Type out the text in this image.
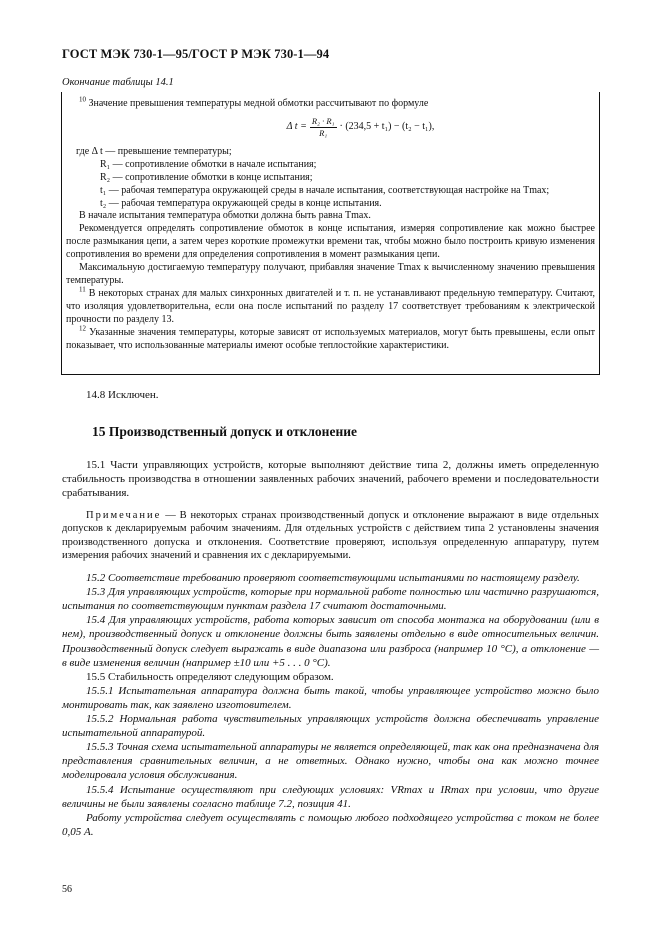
ГОСТ МЭК 730-1—95/ГОСТ Р МЭК 730-1—94
Окончание таблицы 14.1

$^{10}$ Значение превышения температуры медной обмотки рассчитывают по формуле

Δ $t = \frac{\text{R₂ · R₁}}{\text{R₁}} \cdot (234,5 + t_1) - (t_2 - t_1)$,

где Δ t — превышение температуры;

R₁ — сопротивление обмотки в начале испытания;

R₂ — сопротивление обмотки в конце испытания;

t₁ — рабочая температура окружающей среды в начале испытания, соответствующая настройке на Tmax;

t₂ — рабочая температура окружающей среды в конце испытания.

В начале испытания температура обмотки должна быть равна Tmax.

Рекомендуется определять сопротивление обмоток в конце испытания, измеряя сопротивление как можно быстрее после размыкания цепи, а затем через короткие промежутки времени так, чтобы можно было построить кривую изменения сопротивления во времени для определения сопротивления в момент размыкания цепи.

Максимальную достигаемую температуру получают, прибавляя значение Tmax к вычисленному значению превышения температуры.

$^{11}$ В некоторых странах для малых синхронных двигателей и т. п. не устанавливают предельную температуру. Считают, что изоляция удовлетворительна, если она после испытаний по разделу 17 соответствует требованиям к электрической прочности по разделу 13.

$^{12}$ Указанные значения температуры, которые зависят от используемых материалов, могут быть превышены, если опыт показывает, что использованные материалы имеют особые теплостойкие характеристики.

14.8 Исключен.

15 Производственный допуск и отклонение

15.1 Части управляющих устройств, которые выполняют действие типа 2, должны иметь определенную стабильность производства в отношении заявленных рабочих значений, рабочего времени и последовательности срабатывания.

Примечание — В некоторых странах производственный допуск и отклонение выражают в виде отдельных допусков к декларируемым рабочим значениям. Для отдельных устройств с действием типа 2 установлены значения производственного допуска и отклонения. Соответствие проверяют, используя определенную аппаратуру, путем измерения рабочих значений и сравнения их с декларируемыми.

15.2 Соответствие требованию проверяют соответствующими испытаниями по настоящему разделу.

15.3 Для управляющих устройств, которые при нормальной работе полностью или частично разрушаются, испытания по соответствующим пунктам раздела 17 считают достаточными.

15.4 Для управляющих устройств, работа которых зависит от способа монтажа на оборудовании (или в нем), производственный допуск и отклонение должны быть заявлены отдельно в виде относительных величин. Производственный допуск следует выражать в виде диапазона или разброса (например 10 °С), а отклонение — в виде изменения величин (например ±10 или +5 . . . 0 °С).

15.5 Стабильность определяют следующим образом.

15.5.1 Испытательная аппаратура должна быть такой, чтобы управляющее устройство можно было монтировать так, как заявлено изготовителем.

15.5.2 Нормальная работа чувствительных управляющих устройств должна обеспечивать управление испытательной аппаратурой.

15.5.3 Точная схема испытательной аппаратуры не является определяющей, так как она предназначена для представления сравнительных величин, а не ответных. Однако нужно, чтобы она как можно точнее моделировала условия обслуживания.

15.5.4 Испытание осуществляют при следующих условиях: VRmax и IRmax при условии, что другие величины не были заявлены согласно таблице 7.2, позиция 41.

Работу устройства следует осуществлять с помощью любого подходящего устройства с током не более 0,05 А.

56
